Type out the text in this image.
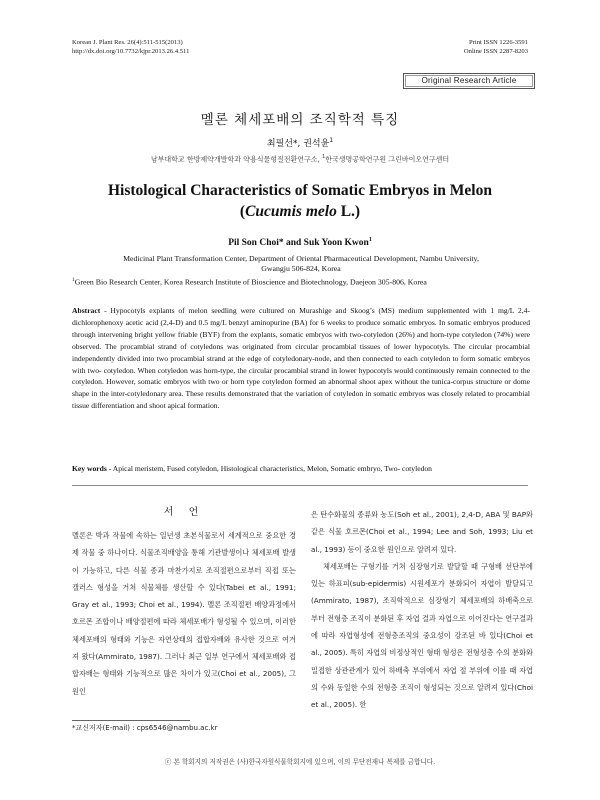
Korean J. Plant Res. 26(4):511-515(2013)
http://dx.doi.org/10.7732/kjpr.2013.26.4.511
Print ISSN 1226-3591
Online ISSN 2287-8203
Original Research Article
멜론 체세포배의 조직학적 특징
최필선*, 권석윤$^1$
남부대학교 한방제약개발학과 약용식물형질전환연구소, $^1$한국생명공학연구원 그린바이오연구센터
Histological Characteristics of Somatic Embryos in Melon
(Cucumis melo L.)
Pil Son Choi* and Suk Yoon Kwon$^1$
Medicinal Plant Transformation Center, Department of Oriental Pharmaceutical Development, Nambu University,
Gwangju 506-824, Korea
$^1$Green Bio Research Center, Korea Research Institute of Bioscience and Biotechnology, Daejeon 305-806, Korea
Abstract - Hypocotyls explants of melon seedling were cultured on Murashige and Skoog’s (MS) medium supplemented with 1 mg/L 2,4-dichlorophenoxy acetic acid (2,4-D) and 0.5 mg/L benzyl aminopurine (BA) for 6 weeks to produce somatic embryos. In somatic embryos produced through intervening bright yellow friable (BYF) from the explants, somatic embryos with two-cotyledon (26%) and horn-type cotyledon (74%) were observed. The procambial strand of cotyledons was originated from circular procambial tissues of lower hypocotyls. The circular procambial independently divided into two procambial strand at the edge of cotyledonary-node, and then connected to each cotyledon to form somatic embryos with two- cotyledon. When cotyledon was horn-type, the circular procambial strand in lower hypocotyls would continuously remain connected to the cotyledon. However, somatic embryos with two or horn type cotyledon formed an abnormal shoot apex without the tunica-corpus structure or dome shape in the inter-cotyledonary area. These results demonstrated that the variation of cotyledon in somatic embryos was closely related to procambial tissue differentiation and shoot apical formation.
Key words - Apical meristem, Fused cotyledon, Histological characteristics, Melon, Somatic embryo, Two- cotyledon
서 언

멜론은 박과 작물에 속하는 일년생 초본식물로서 세계적으로 중요한 경제 작물 중 하나이다. 식물조직배양을 통해 기관발생이나 체세포배 발생이 가능하고, 다른 식물 종과 마찬가지로 조직절편으로부터 직접 또는 캘러스 형성을 거쳐 식물체를 생산할 수 있다(Tabei et al., 1991; Gray et al., 1993; Choi et al., 1994). 멜론 조직절편 배양과정에서 호르몬 조합이나 배양절편에 따라 체세포배가 형성될 수 있으며, 이러한 체세포배의 형태와 기능은 자연상태의 접합자배와 유사한 것으로 여겨져 왔다(Ammirato, 1987). 그러나 최근 일부 연구에서 체세포배와 접합자배는 형태와 기능적으로 많은 차이가 있고(Choi et al., 2005), 그 원인

은 탄수화물의 종류와 농도(Soh et al., 2001), 2,4-D, ABA 및 BAP와 같은 식물 호르몬(Choi et al., 1994; Lee and Soh, 1993; Liu et al., 1993) 등이 중요한 원인으로 알려져 있다.

체세포배는 구형기를 거쳐 심장형기로 발달할 때 구형배 선단부에 있는 하표피(sub-epidermis) 시원세포가 분화되어 자엽이 발달되고(Ammirato, 1987), 조직학적으로 심장형기 체세포배의 하배축으로 부터 전형층 조직이 분화된 후 자엽 결과 자엽으로 이어진다는 연구결과에 따라 자엽형성에 전형층조직의 중요성이 강조된 바 있다(Choi et al., 2005). 특히 자엽의 비정상적인 형태 형성은 전형성층 수의 분화와 밀접한 상관관계가 있어 하배축 부위에서 자엽 절 부위에 이를 때 자엽의 수와 동일한 수의 전형층 조직이 형성되는 것으로 알려져 있다(Choi et al., 2005). 한

*교신저자(E-mail) : cps6546@nambu.ac.kr
ⓒ 본 학회지의 저작권은 (사)한국자원식물학회지에 있으며, 이의 무단전재나 복제를 금합니다.
